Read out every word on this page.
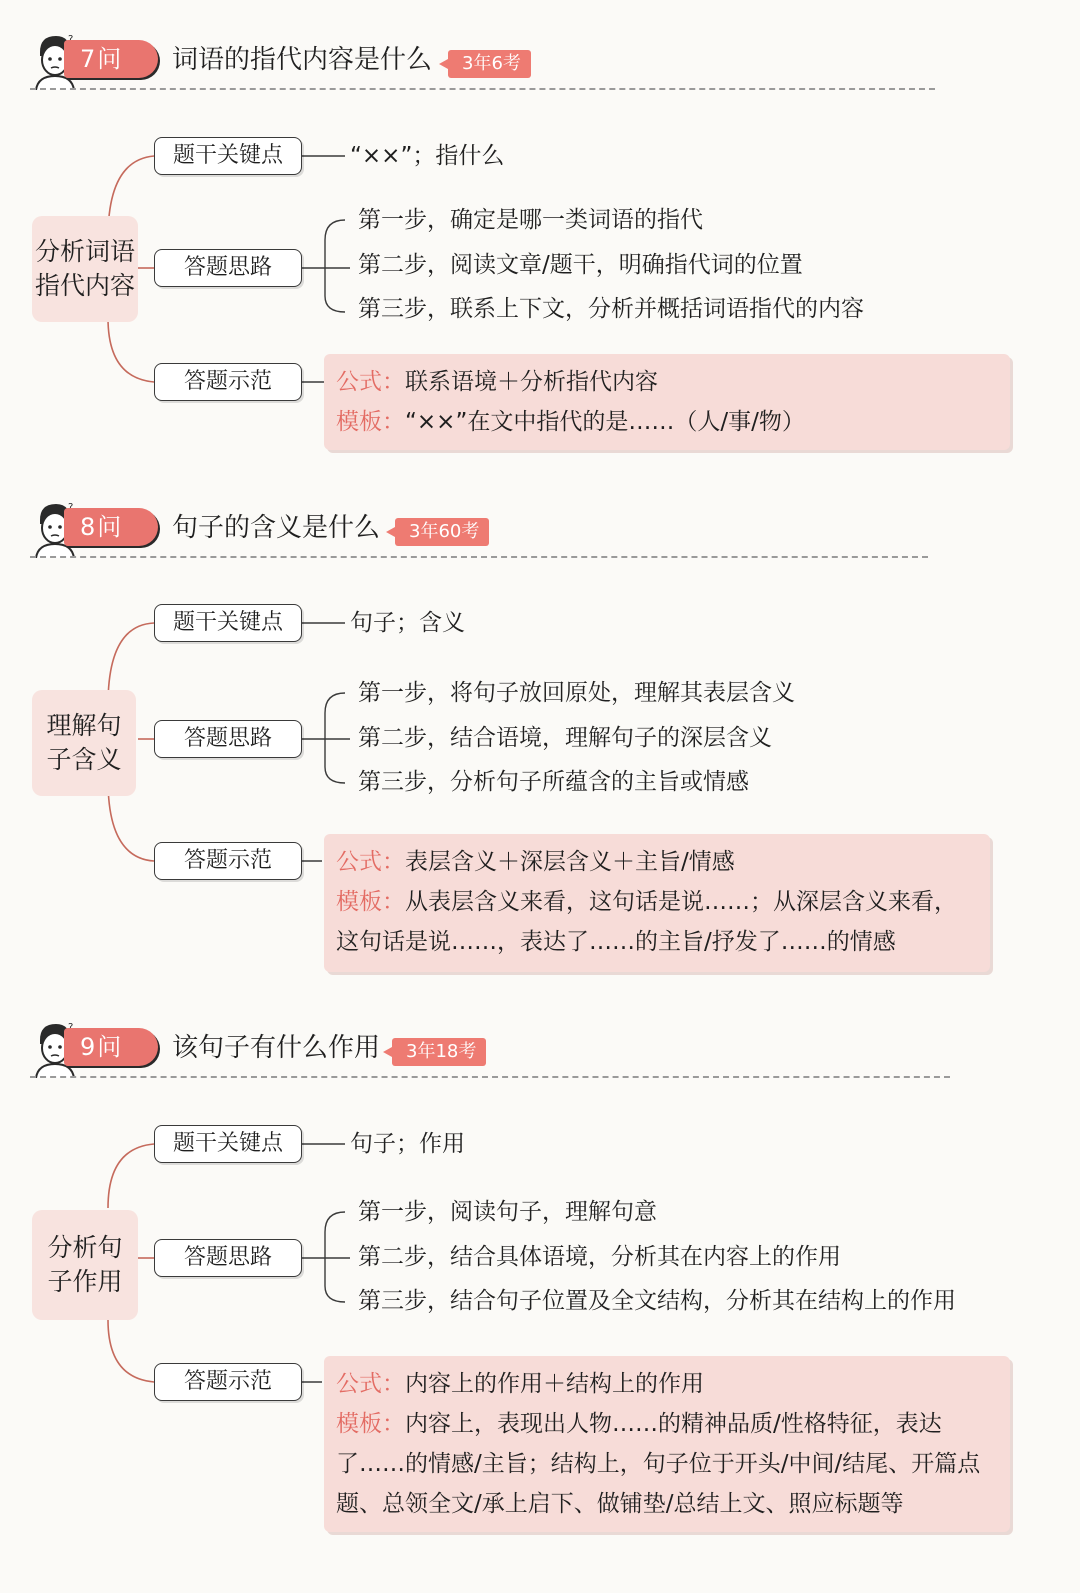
7问	词语的指代内容是什么	3年6考
分析词语指代内容
题干关键点	“××”；指什么
答题思路
第一步，确定是哪一类词语的指代
第二步，阅读文章/题干，明确指代词的位置
第三步，联系上下文，分析并概括词语指代的内容
答题示范	公式：联系语境＋分析指代内容
模板：“××”在文中指代的是……（人/事/物）
8问	句子的含义是什么	3年60考
理解句子含义
题干关键点	句子；含义
答题思路
第一步，将句子放回原处，理解其表层含义
第二步，结合语境，理解句子的深层含义
第三步，分析句子所蕴含的主旨或情感
答题示范	公式：表层含义＋深层含义＋主旨/情感
模板：从表层含义来看，这句话是说……；从深层含义来看，这句话是说……，表达了……的主旨/抒发了……的情感
9问	该句子有什么作用	3年18考
分析句子作用
题干关键点	句子；作用
答题思路
第一步，阅读句子，理解句意
第二步，结合具体语境，分析其在内容上的作用
第三步，结合句子位置及全文结构，分析其在结构上的作用
答题示范	公式：内容上的作用＋结构上的作用
模板：内容上，表现出人物……的精神品质/性格特征，表达了……的情感/主旨；结构上，句子位于开头/中间/结尾、开篇点题、总领全文/承上启下、做铺垫/总结上文、照应标题等
